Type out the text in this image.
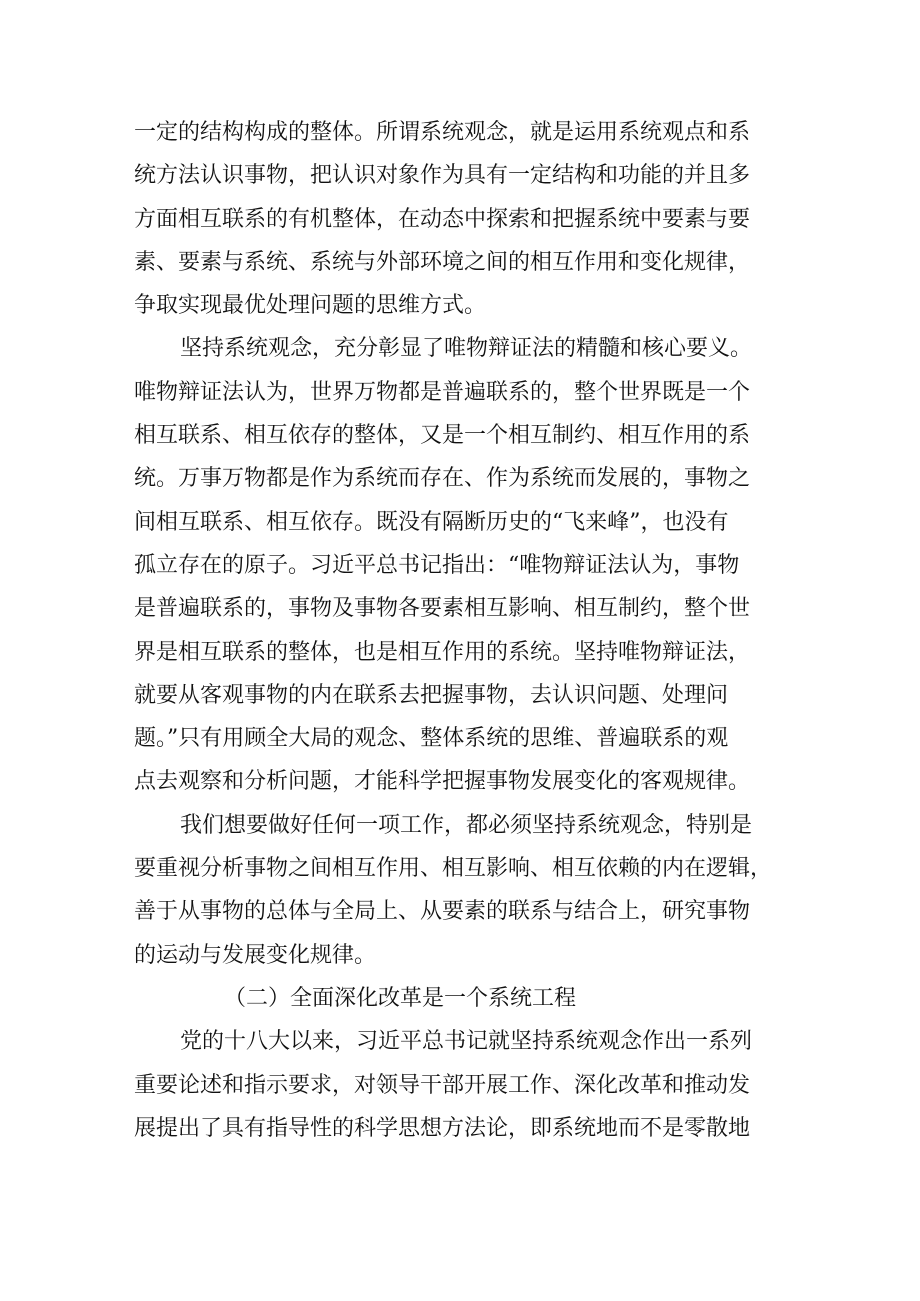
一定的结构构成的整体。所谓系统观念，就是运用系统观点和系
统方法认识事物，把认识对象作为具有一定结构和功能的并且多
方面相互联系的有机整体，在动态中探索和把握系统中要素与要
素、要素与系统、系统与外部环境之间的相互作用和变化规律，
争取实现最优处理问题的思维方式。
坚持系统观念，充分彰显了唯物辩证法的精髓和核心要义。
唯物辩证法认为，世界万物都是普遍联系的，整个世界既是一个
相互联系、相互依存的整体，又是一个相互制约、相互作用的系
统。万事万物都是作为系统而存在、作为系统而发展的，事物之
间相互联系、相互依存。既没有隔断历史的“飞来峰”，也没有
孤立存在的原子。习近平总书记指出：“唯物辩证法认为，事物
是普遍联系的，事物及事物各要素相互影响、相互制约，整个世
界是相互联系的整体，也是相互作用的系统。坚持唯物辩证法，
就要从客观事物的内在联系去把握事物，去认识问题、处理问
题。”只有用顾全大局的观念、整体系统的思维、普遍联系的观
点去观察和分析问题，才能科学把握事物发展变化的客观规律。
我们想要做好任何一项工作，都必须坚持系统观念，特别是
要重视分析事物之间相互作用、相互影响、相互依赖的内在逻辑，
善于从事物的总体与全局上、从要素的联系与结合上，研究事物
的运动与发展变化规律。
（二）全面深化改革是一个系统工程
党的十八大以来，习近平总书记就坚持系统观念作出一系列
重要论述和指示要求，对领导干部开展工作、深化改革和推动发
展提出了具有指导性的科学思想方法论，即系统地而不是零散地
